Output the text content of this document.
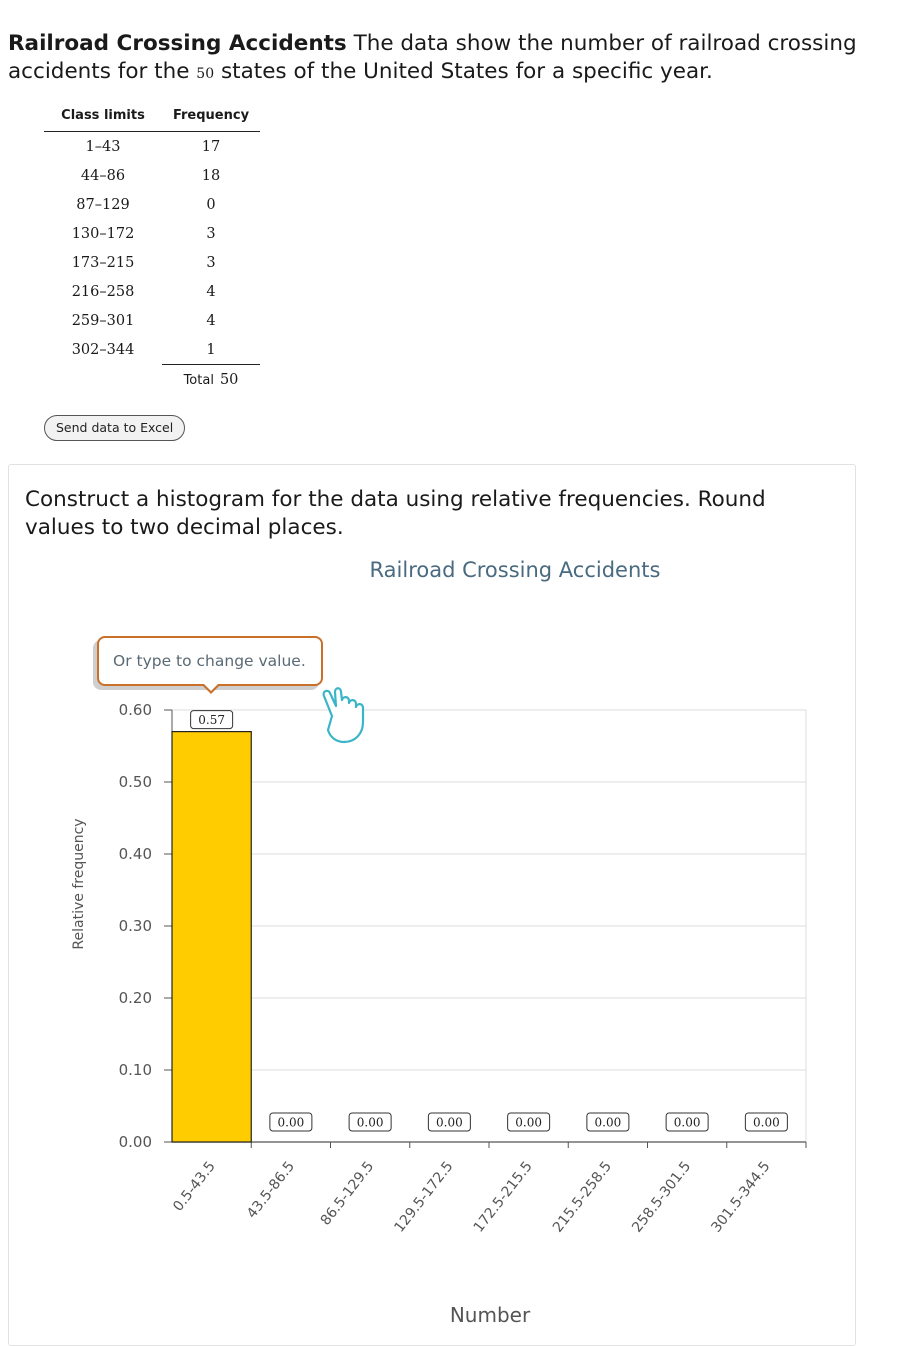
Railroad Crossing Accidents The data show the number of railroad crossing accidents for the 50 states of the United States for a specific year.
Class limits	Frequency
1–43	17
44–86	18
87–129	0
130–172	3
173–215	3
216–258	4
259–301	4
302–344	1
	Total 50
Send data to Excel
Construct a histogram for the data using relative frequencies. Round values to two decimal places.
Railroad Crossing Accidents
0.57
0.00	0.00	0.00	0.00	0.00	0.00	0.00
0.00
0.10
0.20
0.30
0.40
0.50
0.60
0.5-43.5 43.5-86.5 86.5-129.5 129.5-172.5 172.5-215.5 215.5-258.5 258.5-301.5 301.5-344.5
Relative frequency
Or type to change value.
Number
